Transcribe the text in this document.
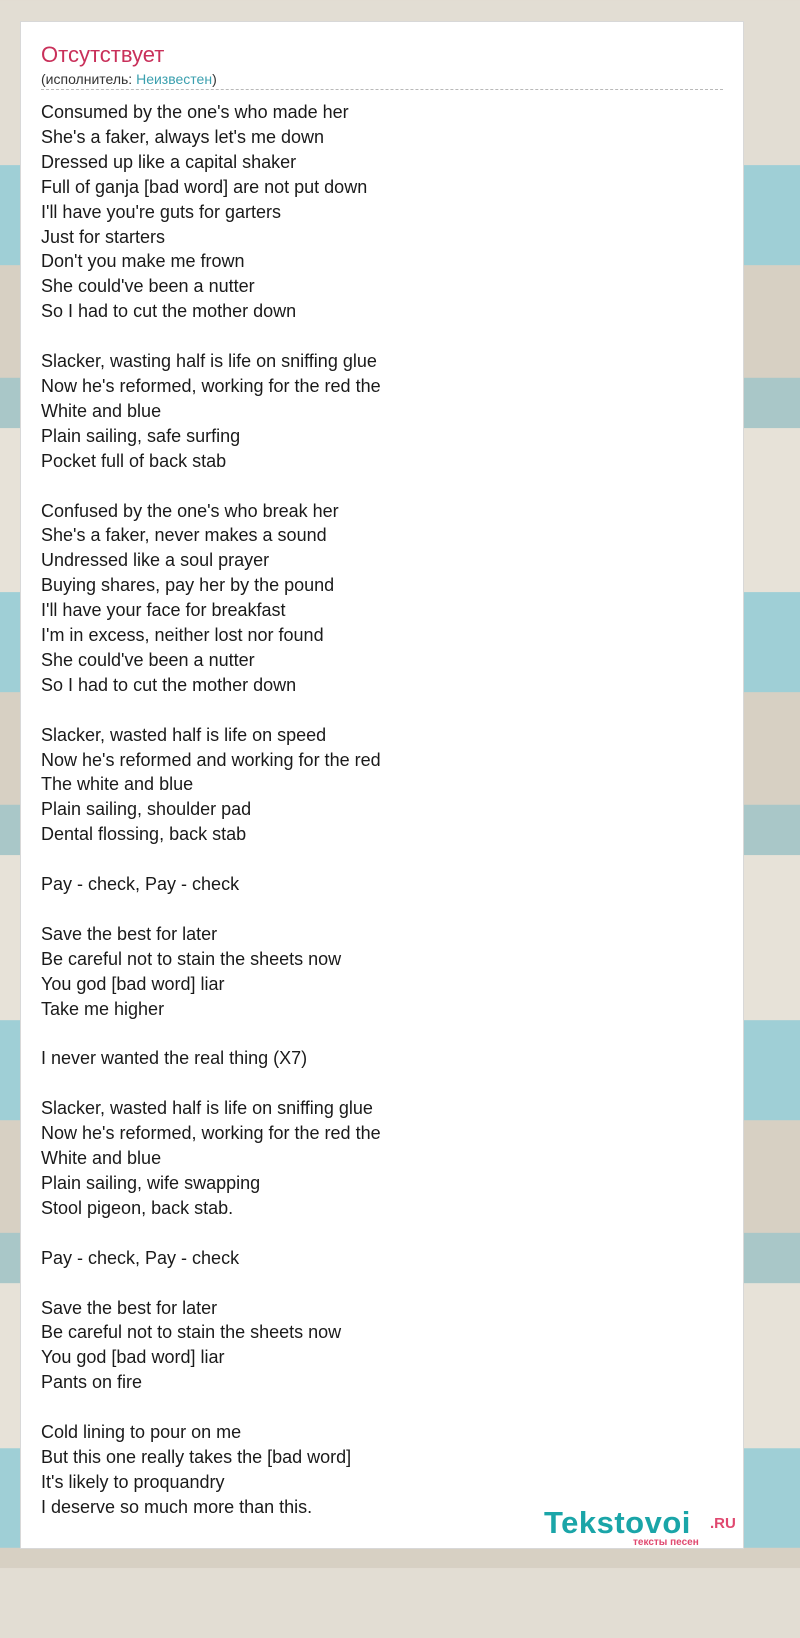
Отсутствует
(исполнитель: Неизвестен)
Consumed by the one's who made her
She's a faker, always let's me down
Dressed up like a capital shaker
Full of ganja [bad word] are not put down
I'll have you're guts for garters
Just for starters
Don't you make me frown
She could've been a nutter
So I had to cut the mother down

Slacker, wasting half is life on sniffing glue
Now he's reformed, working for the red the
White and blue
Plain sailing, safe surfing
Pocket full of back stab

Confused by the one's who break her
She's a faker, never makes a sound
Undressed like a soul prayer
Buying shares, pay her by the pound
I'll have your face for breakfast
I'm in excess, neither lost nor found
She could've been a nutter
So I had to cut the mother down

Slacker, wasted half is life on speed
Now he's reformed and working for the red
The white and blue
Plain sailing, shoulder pad
Dental flossing, back stab

Pay - check, Pay - check

Save the best for later
Be careful not to stain the sheets now
You god [bad word] liar
Take me higher

I never wanted the real thing (X7)

Slacker, wasted half is life on sniffing glue
Now he's reformed, working for the red the
White and blue
Plain sailing, wife swapping
Stool pigeon, back stab.

Pay - check, Pay - check

Save the best for later
Be careful not to stain the sheets now
You god [bad word] liar
Pants on fire

Cold lining to pour on me
But this one really takes the [bad word]
It's likely to proquandry
I deserve so much more than this.	Tekstovoi .RU
тексты песен
